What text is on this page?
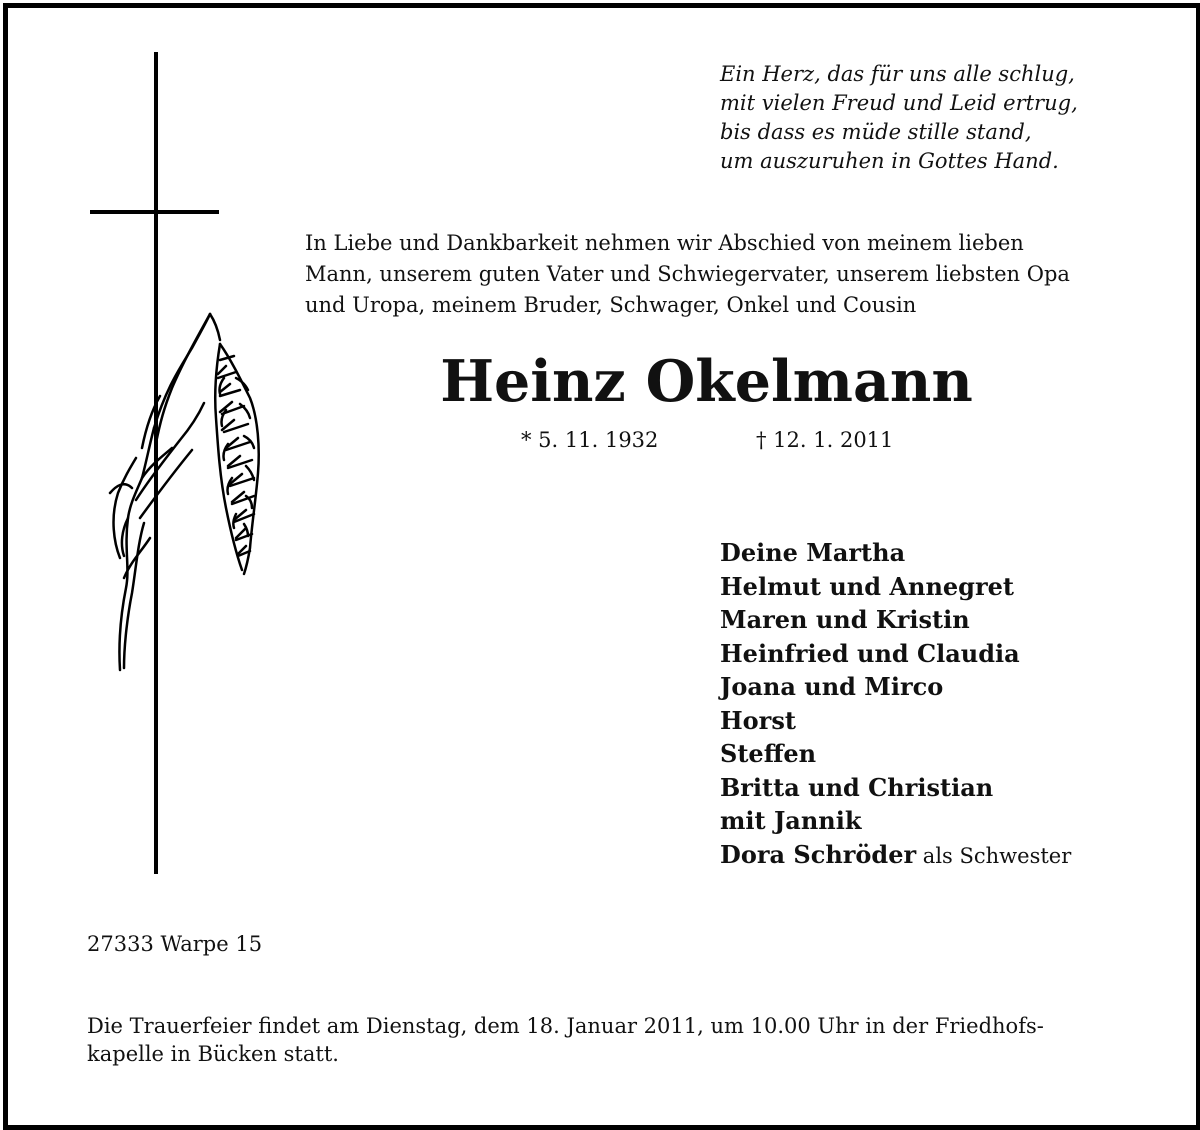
Ein Herz, das für uns alle schlug,
mit vielen Freud und Leid ertrug,
bis dass es müde stille stand,
um auszuruhen in Gottes Hand.
In Liebe und Dankbarkeit nehmen wir Abschied von meinem lieben
Mann, unserem guten Vater und Schwiegervater, unserem liebsten Opa
und Uropa, meinem Bruder, Schwager, Onkel und Cousin
Heinz Okelmann
* 5. 11. 1932	† 12. 1. 2011
Deine Martha
Helmut und Annegret
Maren und Kristin
Heinfried und Claudia
Joana und Mirco
Horst
Steffen
Britta und Christian
mit Jannik
Dora Schröder als Schwester
27333 Warpe 15
Die Trauerfeier findet am Dienstag, dem 18. Januar 2011, um 10.00 Uhr in der Friedhofs-
kapelle in Bücken statt.
